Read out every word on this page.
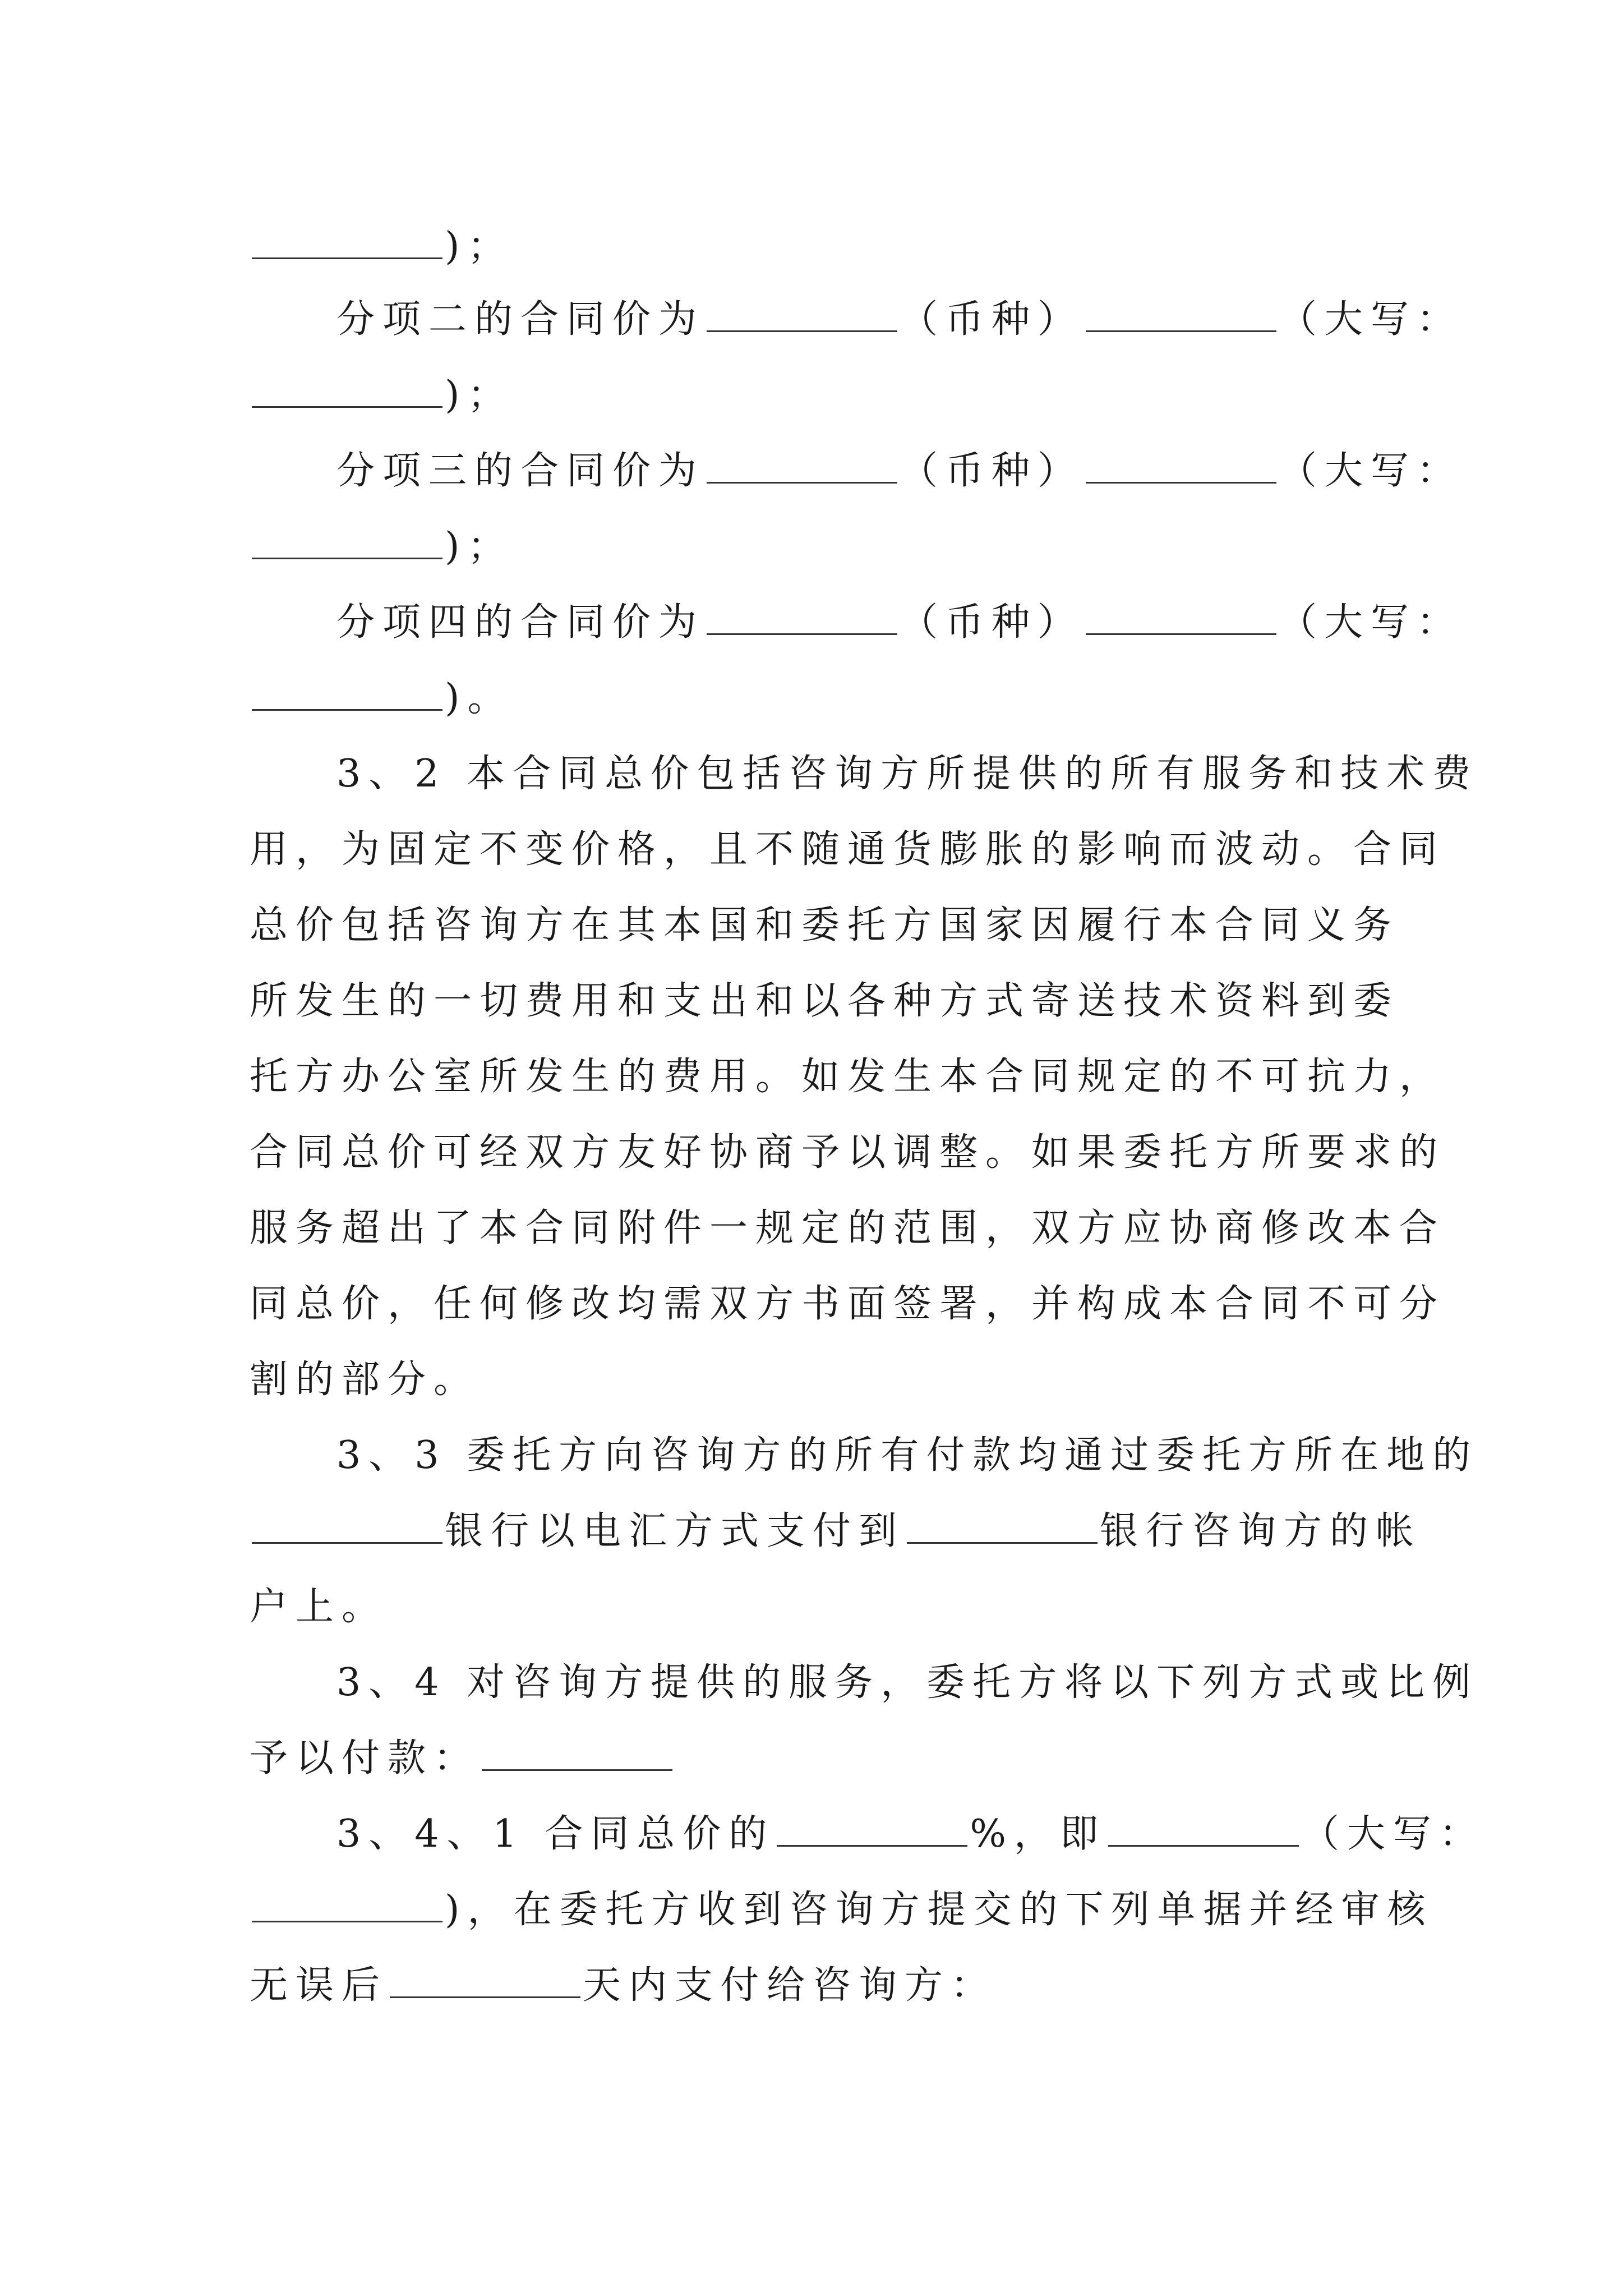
)；
分项二的合同价为	（币种）	（大写：
)；
分项三的合同价为	（币种）	（大写：
)；
分项四的合同价为	（币种）	（大写：
)。
3、2 本合同总价包括咨询方所提供的所有服务和技术费
用，为固定不变价格，且不随通货膨胀的影响而波动。合同
总价包括咨询方在其本国和委托方国家因履行本合同义务
所发生的一切费用和支出和以各种方式寄送技术资料到委
托方办公室所发生的费用。如发生本合同规定的不可抗力，
合同总价可经双方友好协商予以调整。如果委托方所要求的
服务超出了本合同附件一规定的范围，双方应协商修改本合
同总价，任何修改均需双方书面签署，并构成本合同不可分
割的部分。
3、3 委托方向咨询方的所有付款均通过委托方所在地的
银行以电汇方式支付到	银行咨询方的帐
户上。
3、4 对咨询方提供的服务，委托方将以下列方式或比例
予以付款：
3、4、1 合同总价的	%，即	（大写：
)，在委托方收到咨询方提交的下列单据并经审核
无误后	天内支付给咨询方：
